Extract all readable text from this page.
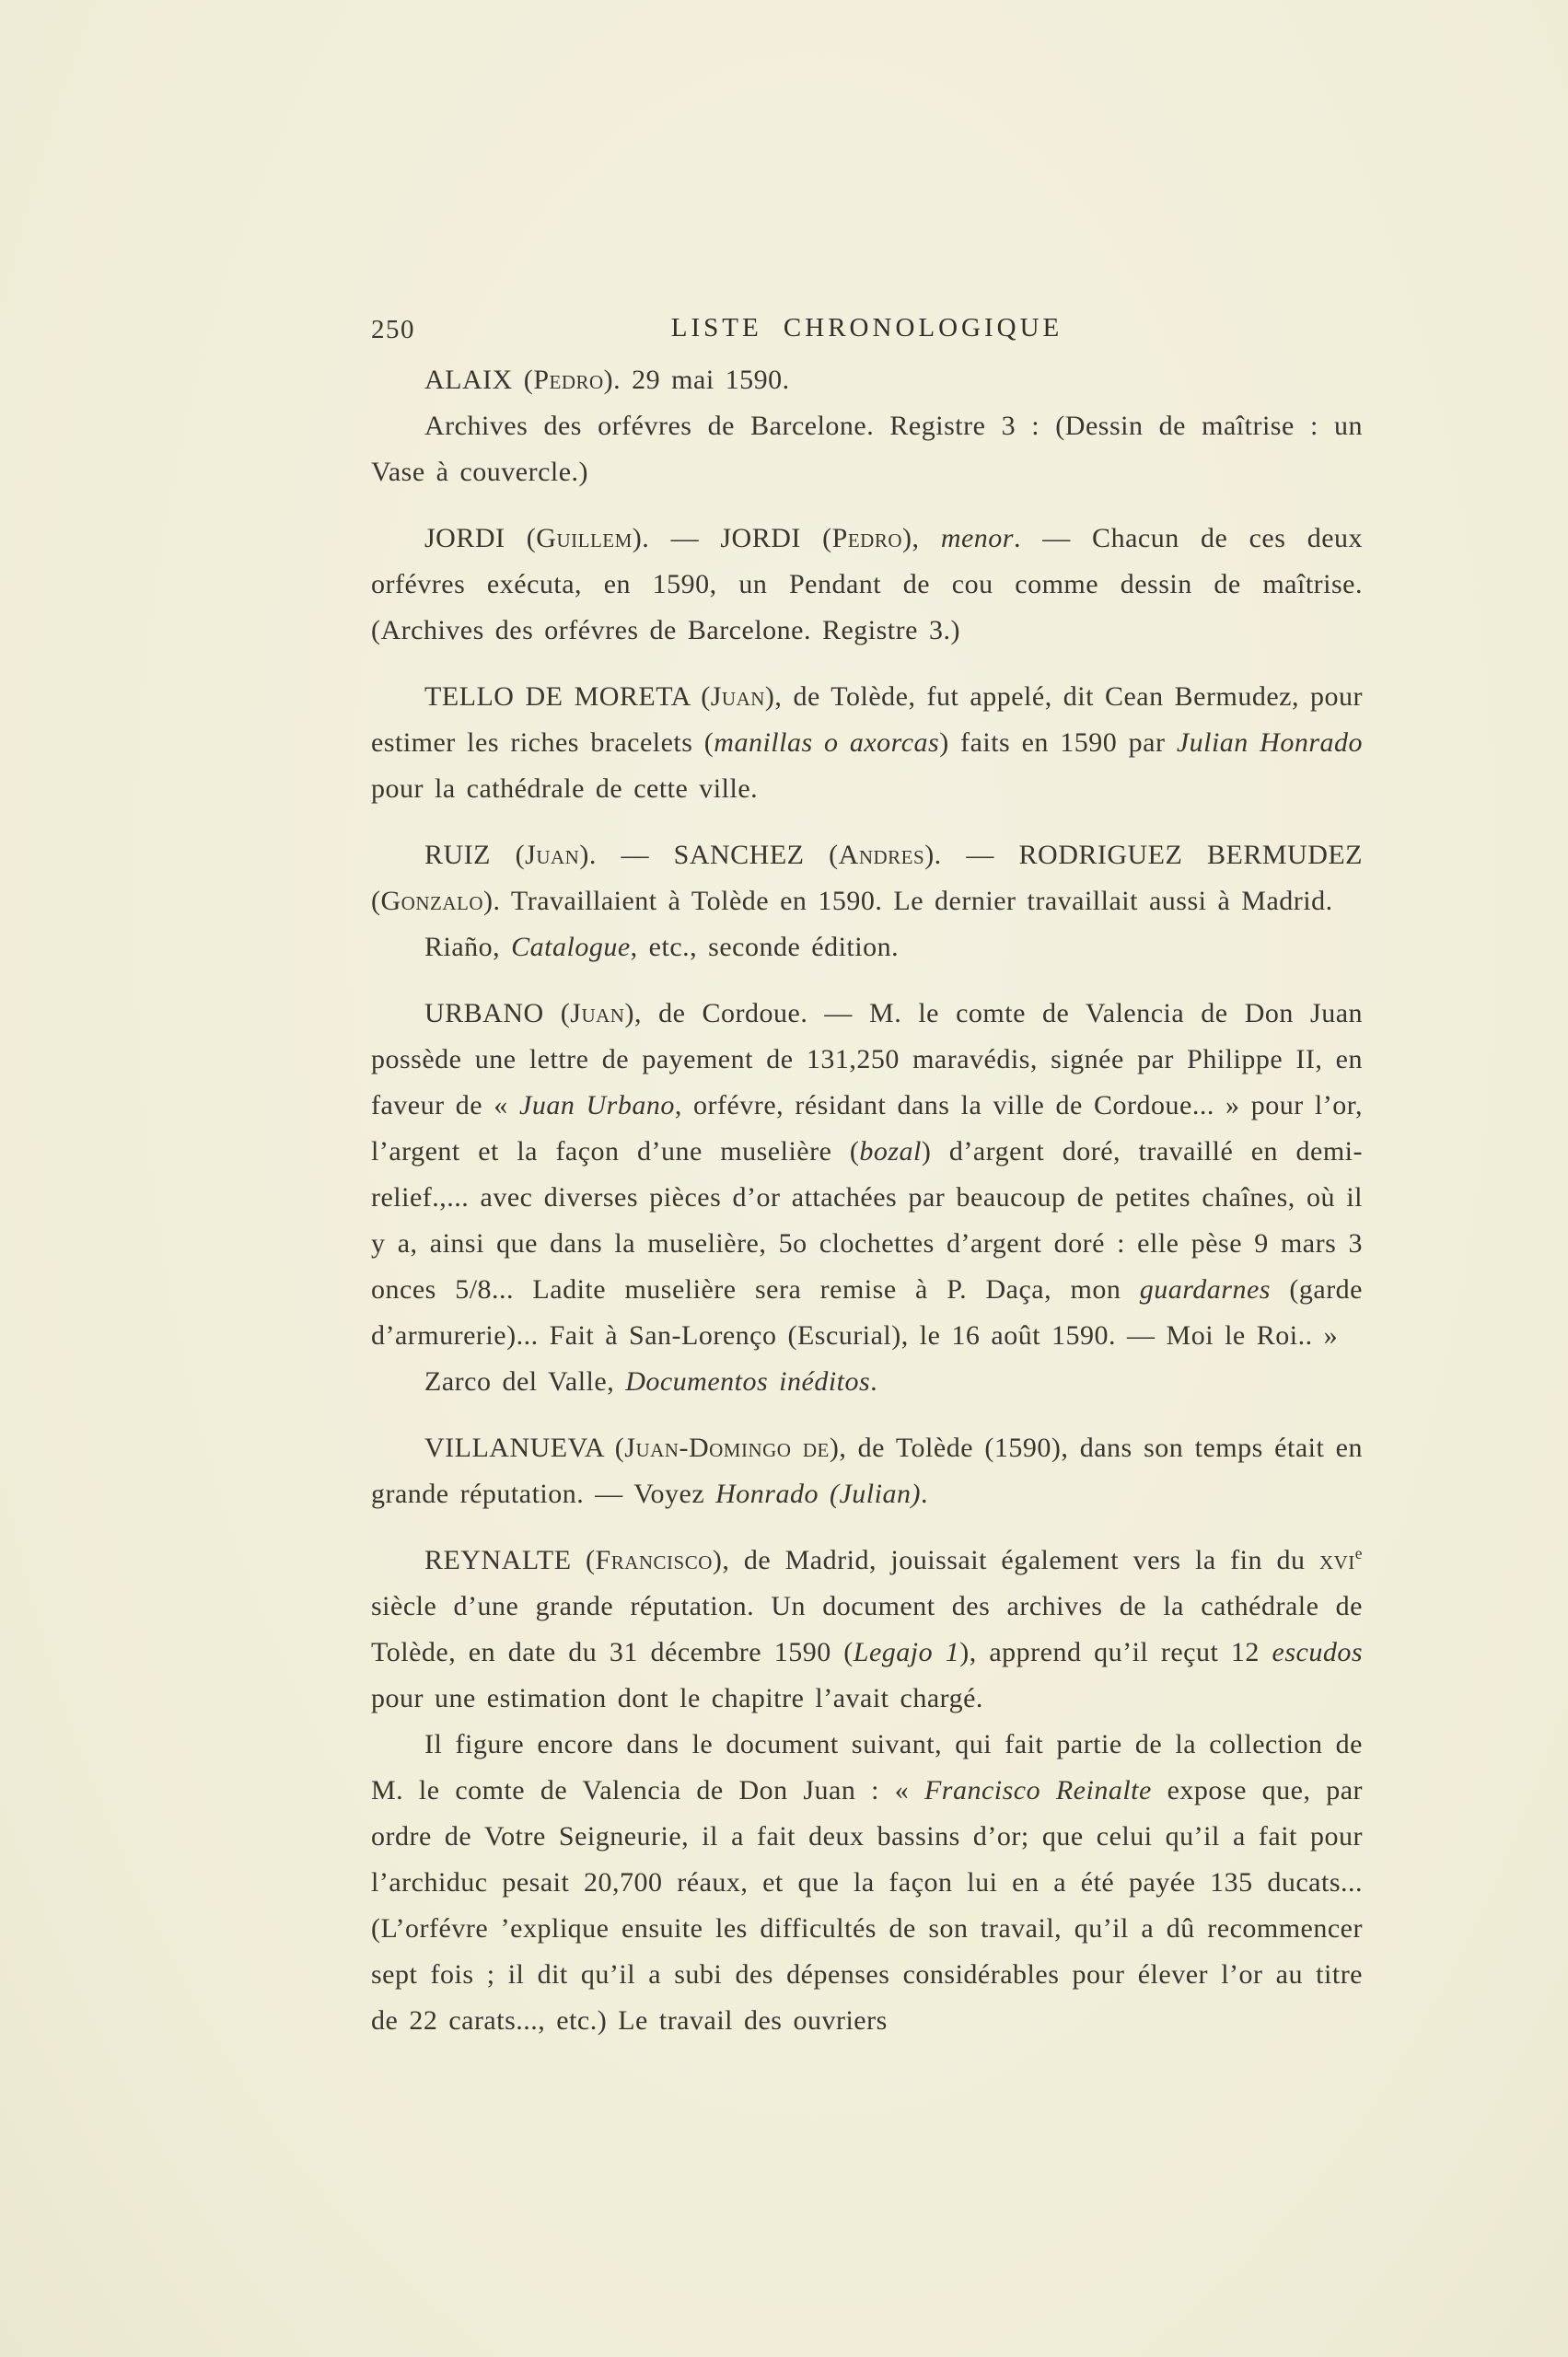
250	LISTE CHRONOLOGIQUE

ALAIX (Pedro). 29 mai 1590.

Archives des orfévres de Barcelone. Registre 3 : (Dessin de maîtrise : un Vase à couvercle.)

JORDI (Guillem). — JORDI (Pedro), menor. — Chacun de ces deux orfévres exécuta, en 1590, un Pendant de cou comme dessin de maîtrise. (Archives des orfévres de Barcelone. Registre 3.)

TELLO DE MORETA (Juan), de Tolède, fut appelé, dit Cean Bermudez, pour estimer les riches bracelets (manillas o axorcas) faits en 1590 par Julian Honrado pour la cathédrale de cette ville.

RUIZ (Juan). — SANCHEZ (Andres). — RODRIGUEZ BERMUDEZ (Gonzalo). Travaillaient à Tolède en 1590. Le dernier travaillait aussi à Madrid.

Riaño, Catalogue, etc., seconde édition.

URBANO (Juan), de Cordoue. — M. le comte de Valencia de Don Juan possède une lettre de payement de 131,250 maravédis, signée par Philippe II, en faveur de « Juan Urbano, orfévre, résidant dans la ville de Cordoue... » pour l’or, l’argent et la façon d’une muselière (bozal) d’argent doré, travaillé en demi-relief.,... avec diverses pièces d’or attachées par beaucoup de petites chaînes, où il y a, ainsi que dans la muselière, 5o clochettes d’argent doré : elle pèse 9 mars 3 onces 5/8... Ladite muselière sera remise à P. Daça, mon guardarnes (garde d’armurerie)... Fait à San-Lorenço (Escurial), le 16 août 1590. — Moi le Roi.. »

Zarco del Valle, Documentos inéditos.

VILLANUEVA (Juan-Domingo de), de Tolède (1590), dans son temps était en grande réputation. — Voyez Honrado (Julian).

REYNALTE (Francisco), de Madrid, jouissait également vers la fin du xvi$^e$ siècle d’une grande réputation. Un document des archives de la cathédrale de Tolède, en date du 31 décembre 1590 (Legajo 1), apprend qu’il reçut 12 escudos pour une estimation dont le chapitre l’avait chargé.

Il figure encore dans le document suivant, qui fait partie de la collection de M. le comte de Valencia de Don Juan : « Francisco Reinalte expose que, par ordre de Votre Seigneurie, il a fait deux bassins d’or; que celui qu’il a fait pour l’archiduc pesait 20,700 réaux, et que la façon lui en a été payée 135 ducats... (L’orfévre ’explique ensuite les difficultés de son travail, qu’il a dû recommencer sept fois ; il dit qu’il a subi des dépenses considérables pour élever l’or au titre de 22 carats..., etc.) Le travail des ouvriers
